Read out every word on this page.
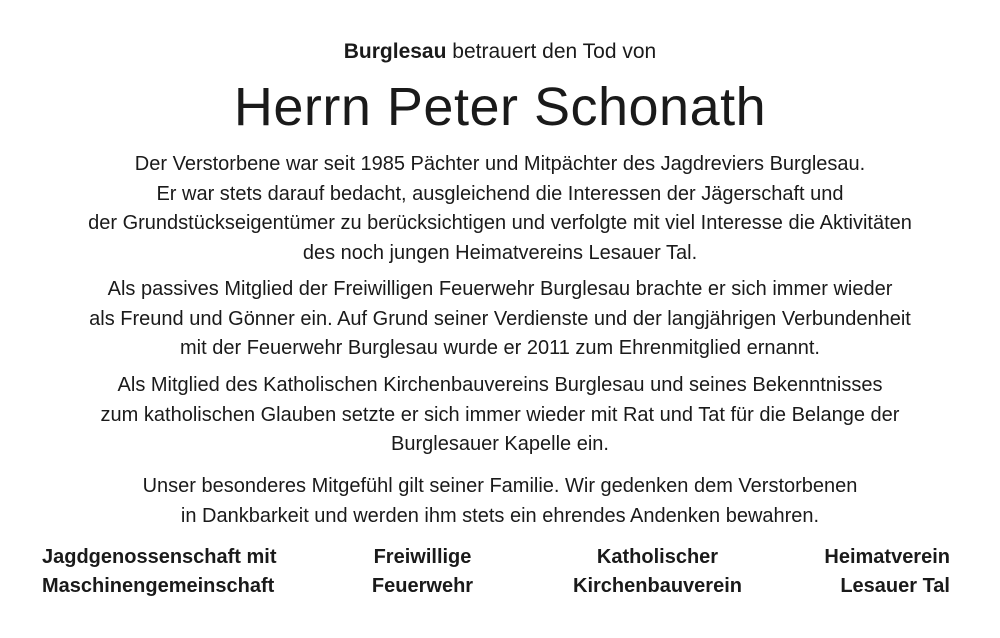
Burglesau betrauert den Tod von
Herrn Peter Schonath
Der Verstorbene war seit 1985 Pächter und Mitpächter des Jagdreviers Burglesau.
Er war stets darauf bedacht, ausgleichend die Interessen der Jägerschaft und
der Grundstückseigentümer zu berücksichtigen und verfolgte mit viel Interesse die Aktivitäten
des noch jungen Heimatvereins Lesauer Tal.
Als passives Mitglied der Freiwilligen Feuerwehr Burglesau brachte er sich immer wieder
als Freund und Gönner ein. Auf Grund seiner Verdienste und der langjährigen Verbundenheit
mit der Feuerwehr Burglesau wurde er 2011 zum Ehrenmitglied ernannt.
Als Mitglied des Katholischen Kirchenbauvereins Burglesau und seines Bekenntnisses
zum katholischen Glauben setzte er sich immer wieder mit Rat und Tat für die Belange der
Burglesauer Kapelle ein.
Unser besonderes Mitgefühl gilt seiner Familie. Wir gedenken dem Verstorbenen
in Dankbarkeit und werden ihm stets ein ehrendes Andenken bewahren.
Jagdgenossenschaft mit
Maschinengemeinschaft
Freiwillige
Feuerwehr
Katholischer
Kirchenbauverein
Heimatverein
Lesauer Tal
